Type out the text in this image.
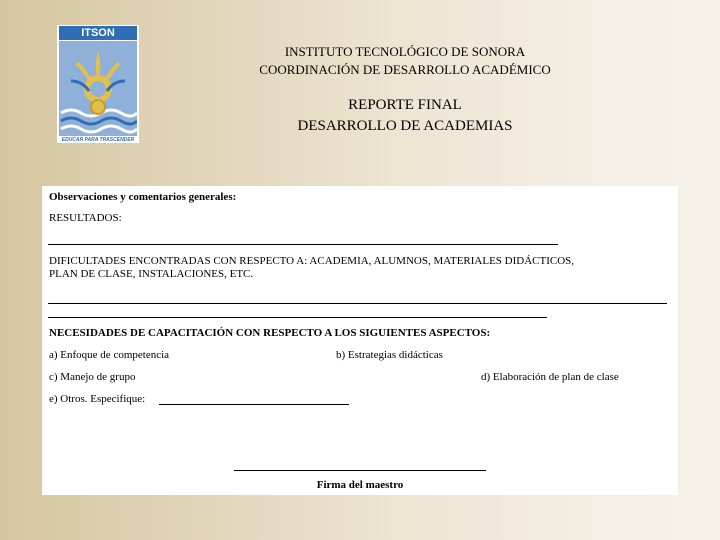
ITSON
EDUCAR PARA TRASCENDER
INSTITUTO TECNOLÓGICO DE SONORA
COORDINACIÓN DE DESARROLLO ACADÉMICO
REPORTE FINAL
DESARROLLO DE ACADEMIAS
Observaciones y comentarios generales:
RESULTADOS:
DIFICULTADES ENCONTRADAS CON RESPECTO A: ACADEMIA, ALUMNOS, MATERIALES DIDÁCTICOS,
PLAN DE CLASE, INSTALACIONES, ETC.
NECESIDADES DE CAPACITACIÓN CON RESPECTO A LOS SIGUIENTES ASPECTOS:
a) Enfoque de competencia	b) Estrategias didácticas
c) Manejo de grupo	d) Elaboración de plan de clase
e) Otros. Especifique:
Firma del maestro
